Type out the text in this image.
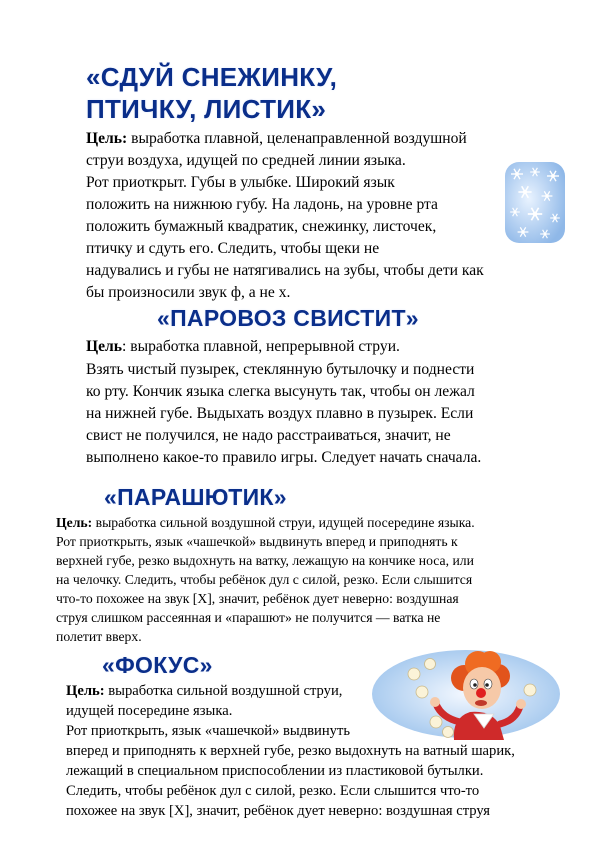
«СДУЙ СНЕЖИНКУ,
ПТИЧКУ, ЛИСТИК»

Цель: выработка плавной, целенаправленной воздушной

струи воздуха, идущей по средней линии языка.

Рот приоткрыт. Губы в улыбке. Широкий язык

положить на нижнюю губу. На ладонь, на уровне рта

положить бумажный квадратик, снежинку, листочек,

птичку и сдуть его. Следить, чтобы щеки не

надувались и губы не натягивались на зубы, чтобы дети как

бы произносили звук ф, а не х.

«ПАРОВОЗ СВИСТИТ»

Цель: выработка плавной, непрерывной струи.

Взять чистый пузырек, стеклянную бутылочку и поднести

ко рту. Кончик языка слегка высунуть так, чтобы он лежал

на нижней губе. Выдыхать воздух плавно в пузырек. Если

свист не получился, не надо расстраиваться, значит, не

выполнено какое-то правило игры. Следует начать сначала.

«ПАРАШЮТИК»

Цель: выработка сильной воздушной струи, идущей посередине языка.

Рот приоткрыть, язык «чашечкой» выдвинуть вперед и приподнять к

верхней губе, резко выдохнуть на ватку, лежащую на кончике носа, или

на челочку. Следить, чтобы ребёнок дул с силой, резко. Если слышится

что-то похожее на звук [Х], значит, ребёнок дует неверно: воздушная

струя слишком рассеянная и «парашют» не получится — ватка не

полетит вверх.

«ФОКУС»

Цель: выработка сильной воздушной струи,

идущей посередине языка.

Рот приоткрыть, язык «чашечкой» выдвинуть

вперед и приподнять к верхней губе, резко выдохнуть на ватный шарик,

лежащий в специальном приспособлении из пластиковой бутылки.

Следить, чтобы ребёнок дул с силой, резко. Если слышится что-то

похожее на звук [Х], значит, ребёнок дует неверно: воздушная струя
